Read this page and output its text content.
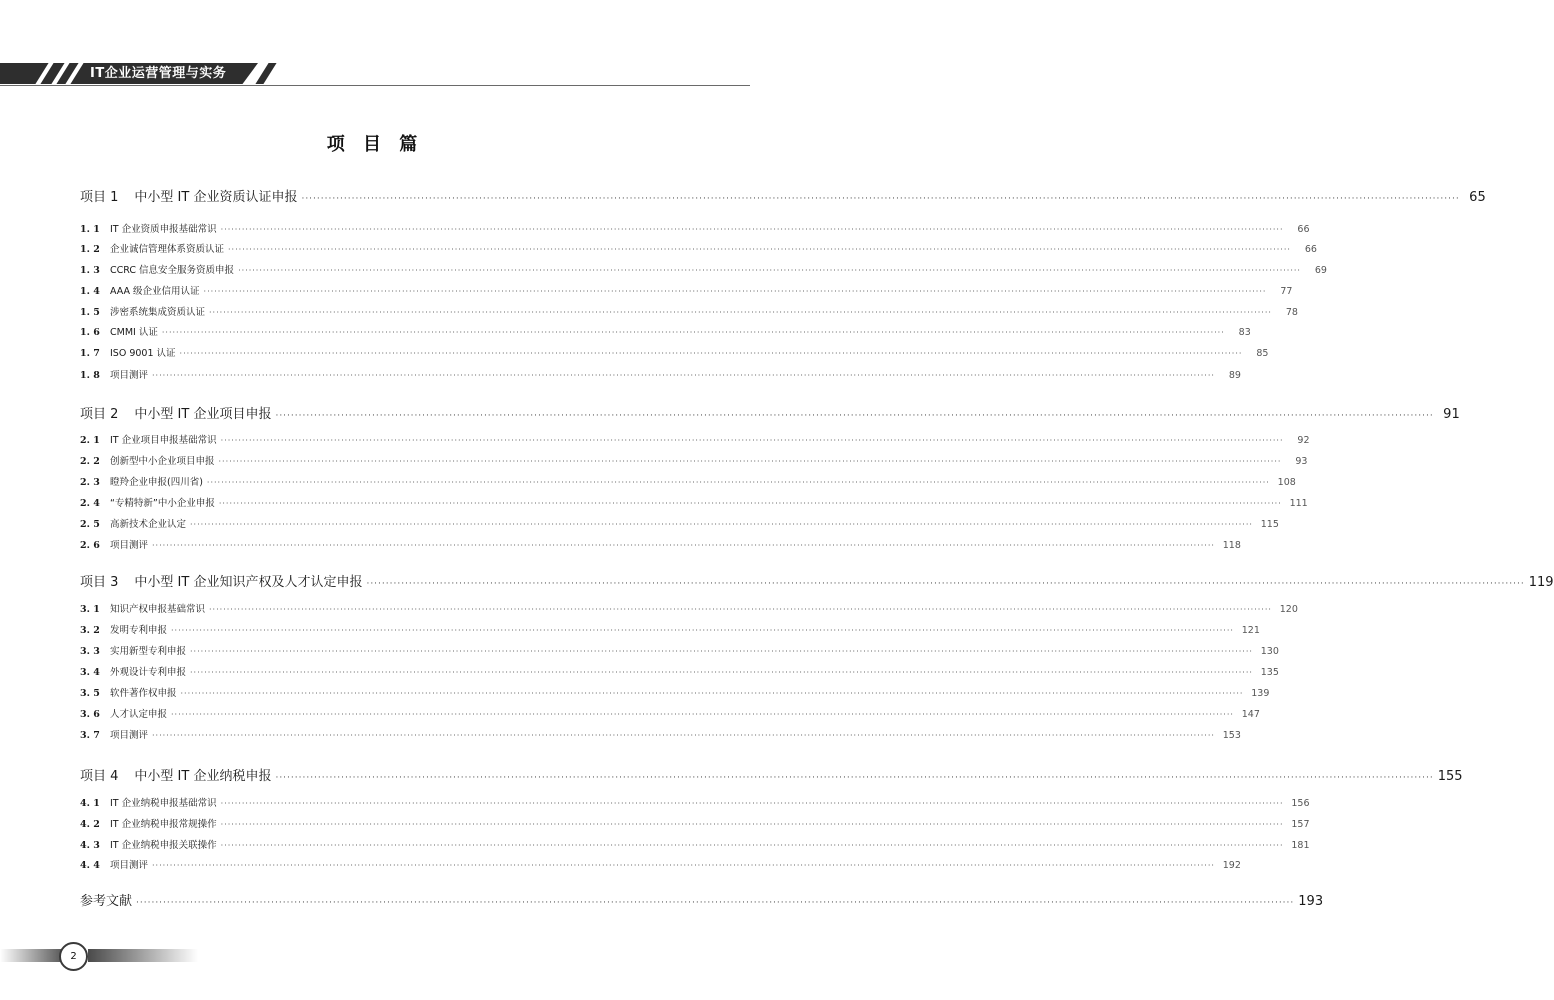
IT企业运营管理与实务
项 目 篇
项目 1 中小型 IT 企业资质认证申报 ············································································································································································································································································································ 65
1. 1 IT 企业资质申报基础常识 ············································································································································································································································································································	66
1. 2 企业诚信管理体系资质认证 ············································································································································································································································································································	66
1. 3 CCRC 信息安全服务资质申报 ············································································································································································································································································································	69
1. 4 AAA 级企业信用认证 ············································································································································································································································································································	77
1. 5 涉密系统集成资质认证 ············································································································································································································································································································	78
1. 6 CMMI 认证 ············································································································································································································································································································	83
1. 7 ISO 9001 认证 ············································································································································································································································································································	85
1. 8 项目测评 ············································································································································································································································································································	89
项目 2 中小型 IT 企业项目申报 ············································································································································································································································································································ 91
2. 1 IT 企业项目申报基础常识 ············································································································································································································································································································	92
2. 2 创新型中小企业项目申报 ············································································································································································································································································································	93
2. 3 瞪羚企业申报(四川省) ············································································································································································································································································································ 108
2. 4 “专精特新”中小企业申报 ············································································································································································································································································································ 111
2. 5 高新技术企业认定 ············································································································································································································································································································ 115
2. 6 项目测评 ············································································································································································································································································································ 118
项目 3 中小型 IT 企业知识产权及人才认定申报 ············································································································································································································································································································ 119
3. 1 知识产权申报基础常识 ············································································································································································································································································································ 120
3. 2 发明专利申报 ············································································································································································································································································································ 121
3. 3 实用新型专利申报 ············································································································································································································································································································ 130
3. 4 外观设计专利申报 ············································································································································································································································································································ 135
3. 5 软件著作权申报 ············································································································································································································································································································ 139
3. 6 人才认定申报 ············································································································································································································································································································ 147
3. 7 项目测评 ············································································································································································································································································································ 153
项目 4 中小型 IT 企业纳税申报 ············································································································································································································································································································ 155
4. 1 IT 企业纳税申报基础常识 ············································································································································································································································································································ 156
4. 2 IT 企业纳税申报常规操作 ············································································································································································································································································································ 157
4. 3 IT 企业纳税申报关联操作 ············································································································································································································································································································ 181
4. 4 项目测评 ············································································································································································································································································································ 192
参考文献 ············································································································································································································································································································ 193
2
